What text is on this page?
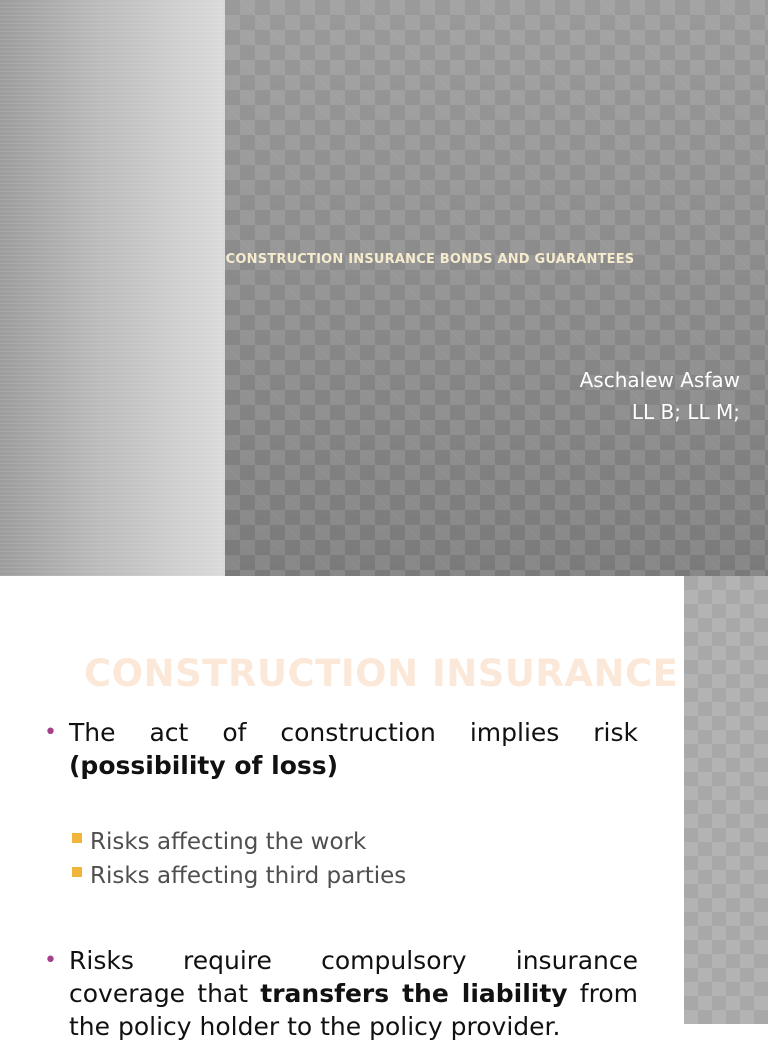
CONSTRUCTION INSURANCE BONDS AND GUARANTEES
Aschalew Asfaw
LL B; LL M;
CONSTRUCTION INSURANCE
• The act of construction implies risk (possibility of loss)
Risks affecting the work
Risks affecting third parties
• Risks require compulsory insurance coverage that transfers the liability from the policy holder to the policy provider.
